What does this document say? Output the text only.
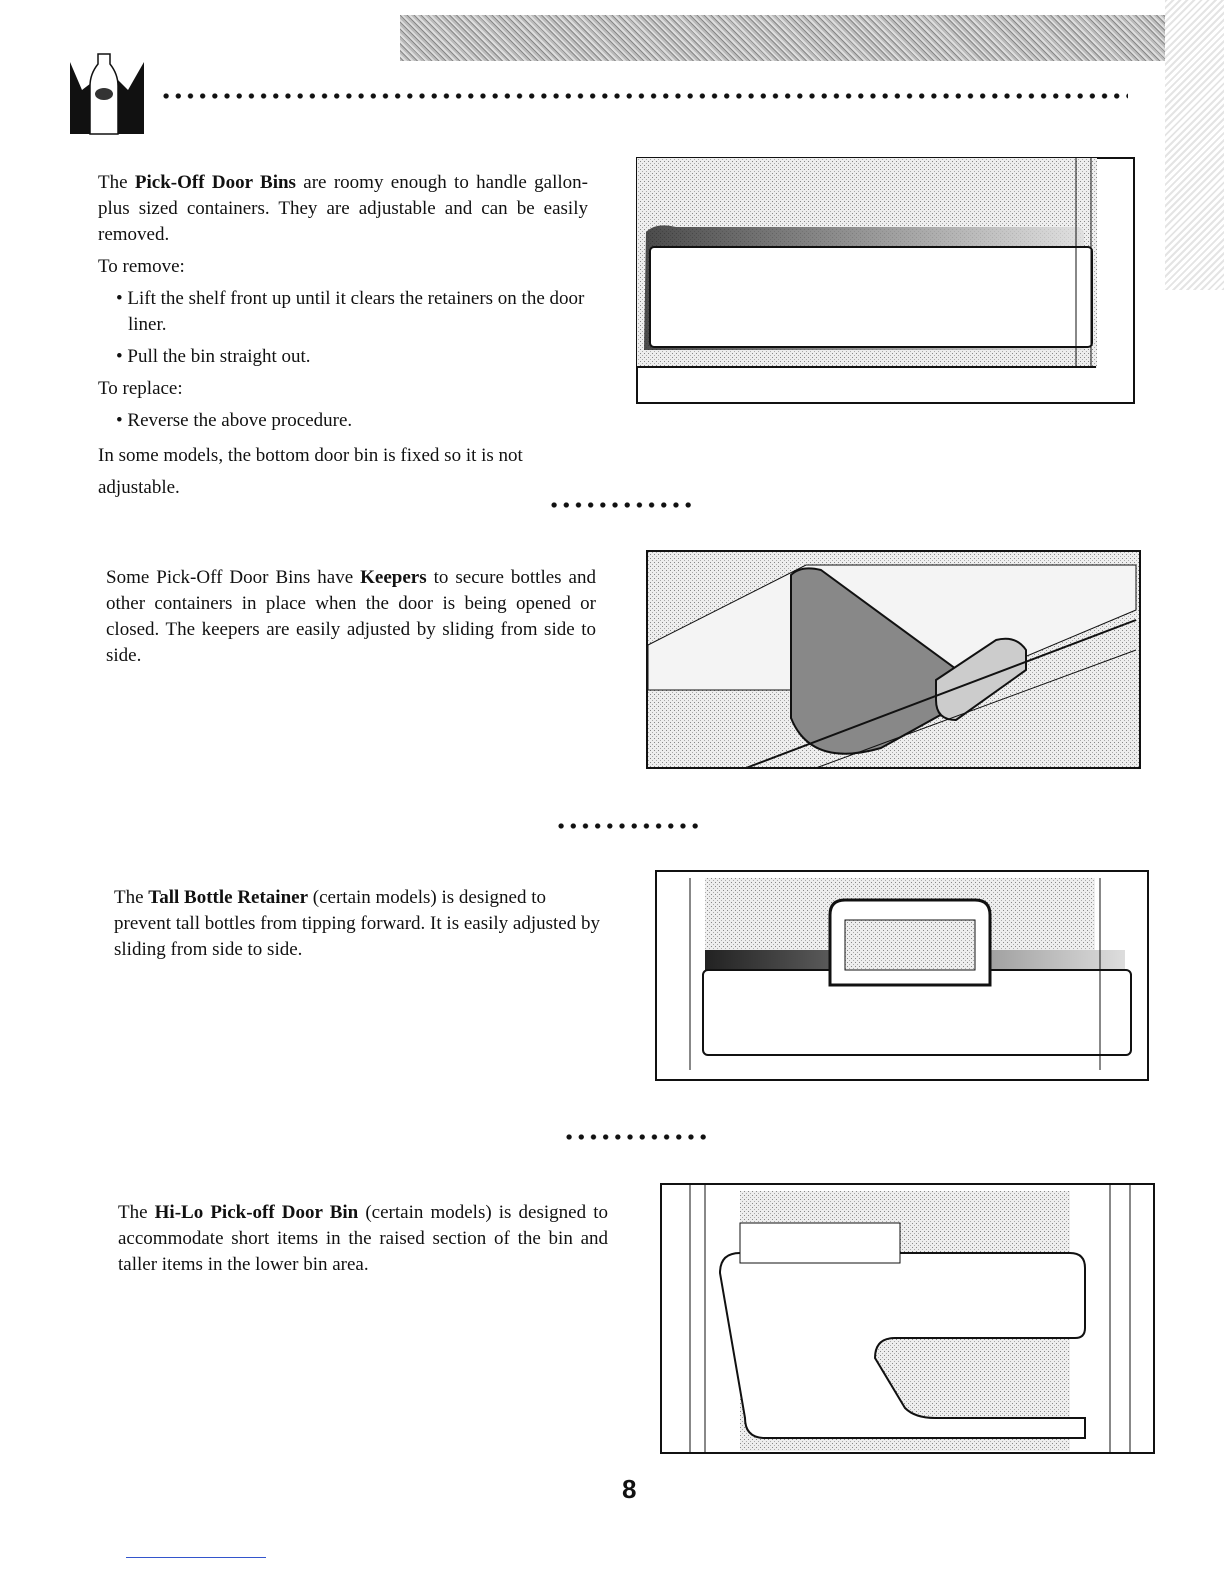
The Pick-Off Door Bins are roomy enough to handle gallon-plus sized containers. They are adjustable and can be easily removed.

To remove:

• Lift the shelf front up until it clears the retainers on the door liner.

• Pull the bin straight out.

To replace:

• Reverse the above procedure.

In some models, the bottom door bin is fixed so it is not adjustable.

Some Pick-Off Door Bins have Keepers to secure bottles and other containers in place when the door is being opened or closed. The keepers are easily adjusted by sliding from side to side.

The Tall Bottle Retainer (certain models) is designed to prevent tall bottles from tipping forward. It is easily adjusted by sliding from side to side.

The Hi-Lo Pick-off Door Bin (certain models) is designed to accommodate short items in the raised section of the bin and taller items in the lower bin area.

8
